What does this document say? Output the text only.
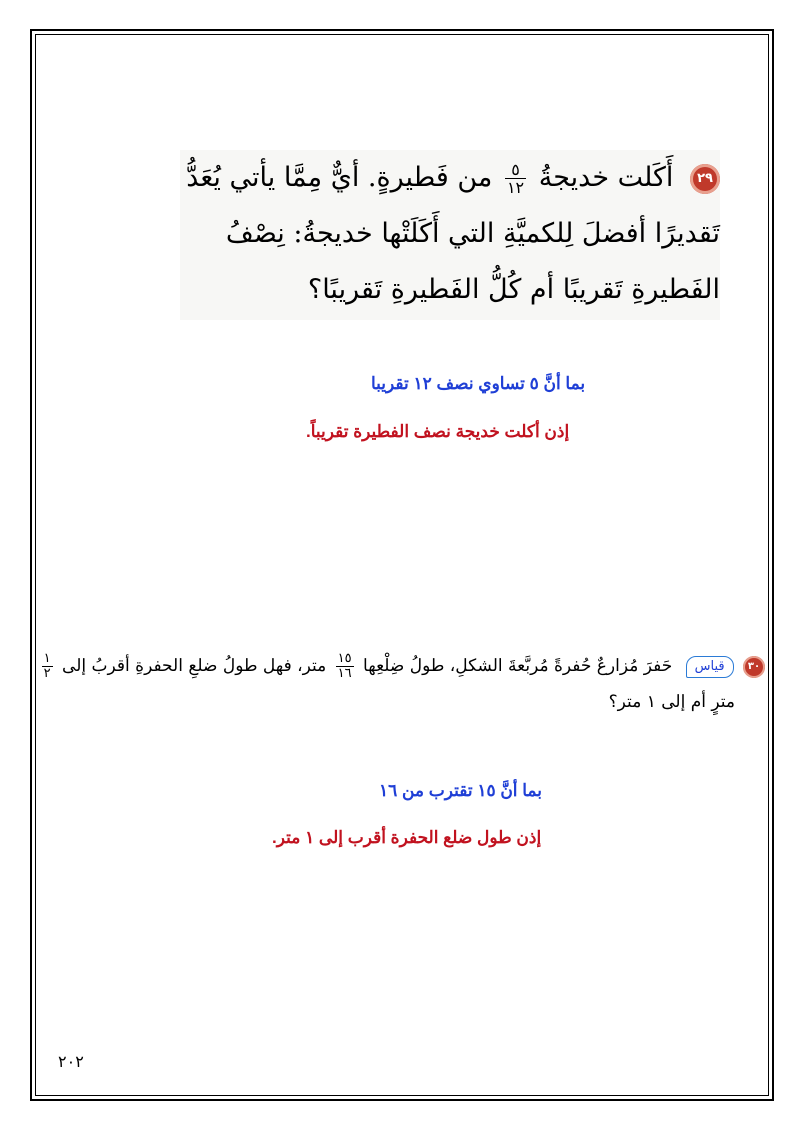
٢٩ أَكَلت خديجةُ
$\frac{٥}{١٢}$
من فَطيرةٍ. أيٌّ مِمَّا يأتي يُعَدُّ
تَقديرًا أفضلَ لِلكميَّةِ التي أَكَلَتْها خديجةُ: نِصْفُ
الفَطيرةِ تَقريبًا أم كُلُّ الفَطيرةِ تَقريبًا؟
بما أنَّ ٥ تساوي نصف ١٢ تقريبا
إذن أكلت خديجة نصف الفطيرة تقريباً.
٣٠ قياس حَفرَ مُزارعٌ حُفرةً مُربَّعةَ الشكلِ، طولُ ضِلْعِها
$\frac{١٥}{١٦}$
متر، فهل طولُ ضلعِ الحفرةِ أقربُ إلى
$\frac{١}{٢}$
مترٍ أم إلى ١ متر؟
بما أنَّ ١٥ تقترب من ١٦
إذن طول ضلع الحفرة أقرب إلى ١ متر.
٢٠٢
